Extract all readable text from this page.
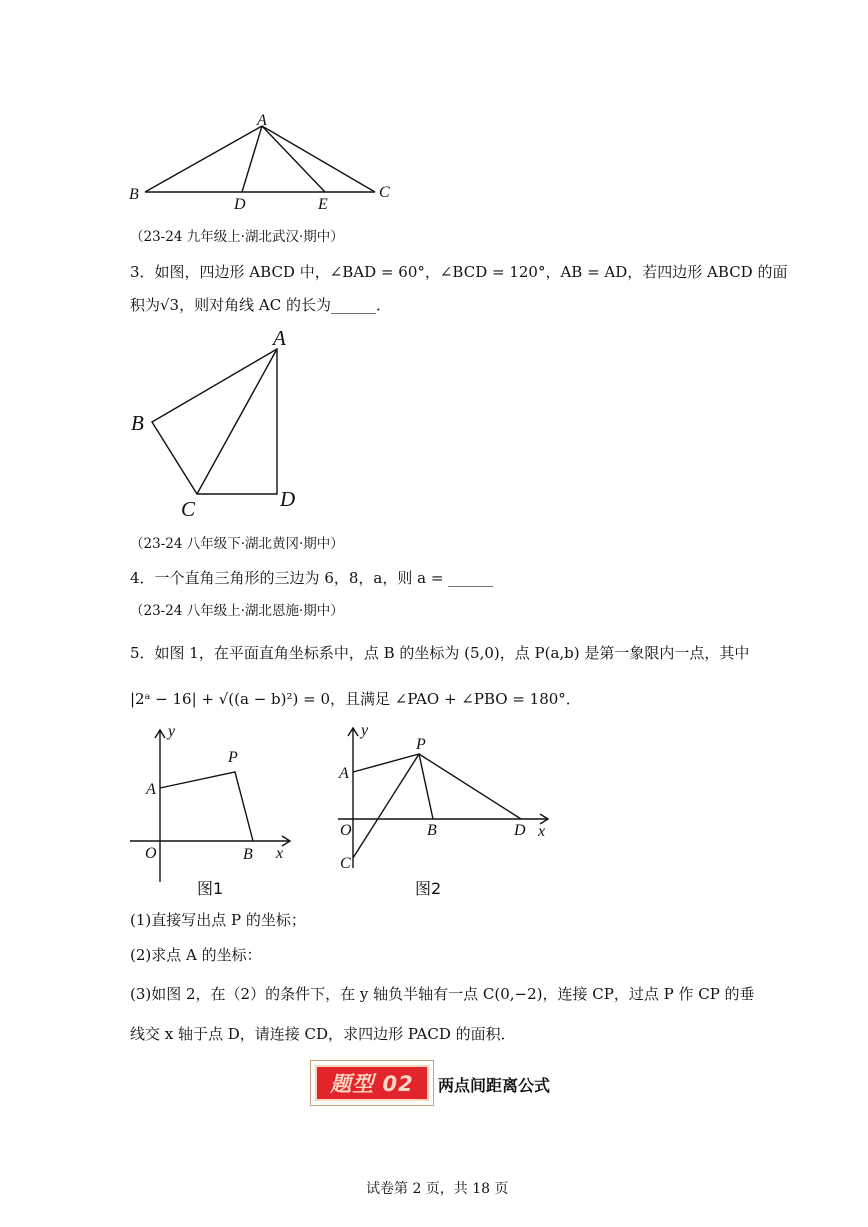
A
B	C
D	E
（23-24 九年级上·湖北武汉·期中）
3．如图，四边形 ABCD 中，∠BAD = 60°，∠BCD = 120°，AB = AD，若四边形 ABCD 的面
积为√3，则对角线 AC 的长为______．
A
B
C	D
（23-24 八年级下·湖北黄冈·期中）
4．一个直角三角形的三边为 6，8，a，则 a = ______
（23-24 八年级上·湖北恩施·期中）
5．如图 1，在平面直角坐标系中，点 B 的坐标为 (5,0)，点 P(a,b) 是第一象限内一点，其中
|2ᵃ − 16| + √((a − b)²) = 0，且满足 ∠PAO + ∠PBO = 180°．
y
x
P
A
O	B
图1
y
x
P
A
O	B	D
C
图2
(1)直接写出点 P 的坐标；
(2)求点 A 的坐标：
(3)如图 2，在（2）的条件下，在 y 轴负半轴有一点 C(0,−2)，连接 CP，过点 P 作 CP 的垂
线交 x 轴于点 D，请连接 CD，求四边形 PACD 的面积．
题型 02 两点间距离公式
试卷第 2 页，共 18 页
